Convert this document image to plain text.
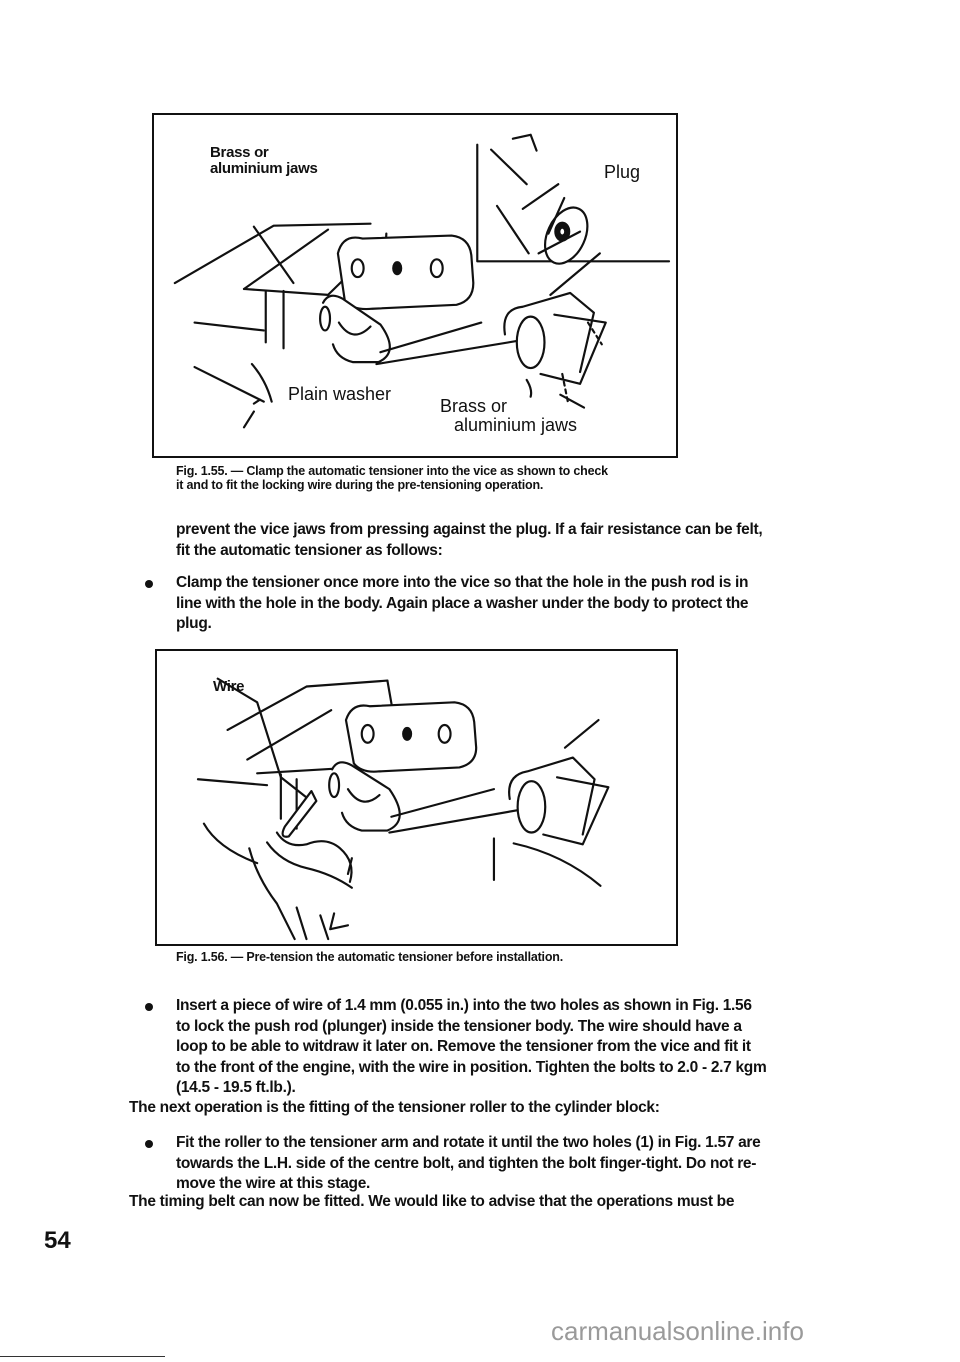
Brass or
aluminium jaws	Plug
Plain washer
Brass or
aluminium jaws
Fig. 1.55. — Clamp the automatic tensioner into the vice as shown to check
it and to fit the locking wire during the pre-tensioning operation.
prevent the vice jaws from pressing against the plug. If a fair resistance can be felt,
fit the automatic tensioner as follows:
Clamp the tensioner once more into the vice so that the hole in the push rod is in
line with the hole in the body. Again place a washer under the body to protect the
plug.
Wire
Fig. 1.56. — Pre-tension the automatic tensioner before installation.
Insert a piece of wire of 1.4 mm (0.055 in.) into the two holes as shown in Fig. 1.56
to lock the push rod (plunger) inside the tensioner body. The wire should have a
loop to be able to witdraw it later on. Remove the tensioner from the vice and fit it
to the front of the engine, with the wire in position. Tighten the bolts to 2.0 - 2.7 kgm
(14.5 - 19.5 ft.lb.).
The next operation is the fitting of the tensioner roller to the cylinder block:
Fit the roller to the tensioner arm and rotate it until the two holes (1) in Fig. 1.57 are
towards the L.H. side of the centre bolt, and tighten the bolt finger-tight. Do not re-
move the wire at this stage.
The timing belt can now be fitted. We would like to advise that the operations must be
54
carmanualsonline.info
